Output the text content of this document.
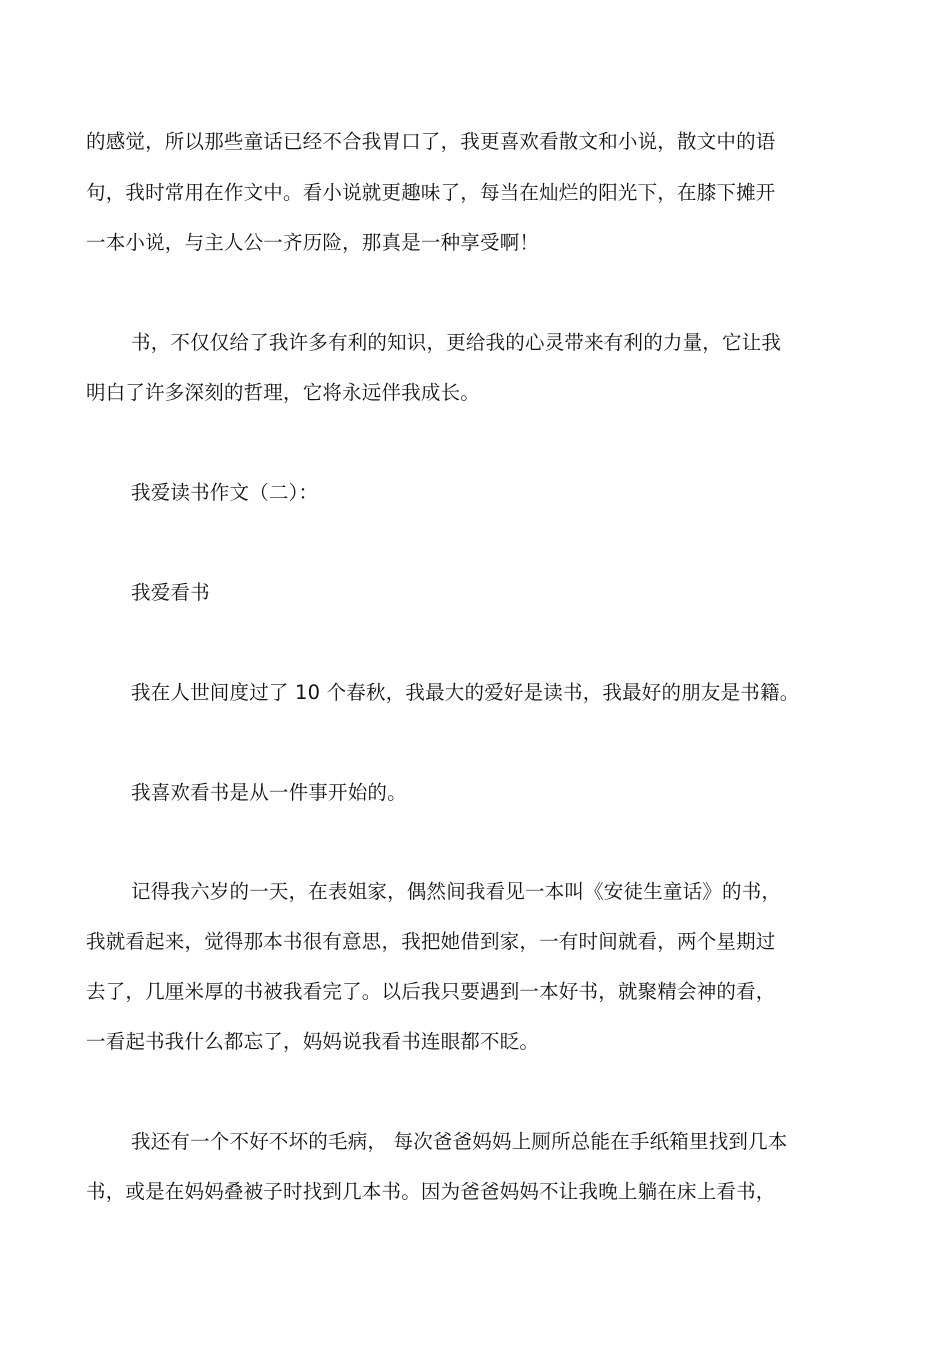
的感觉，所以那些童话已经不合我胃口了，我更喜欢看散文和小说，散文中的语
句，我时常用在作文中。看小说就更趣味了，每当在灿烂的阳光下，在膝下摊开
一本小说，与主人公一齐历险，那真是一种享受啊！
书，不仅仅给了我许多有利的知识，更给我的心灵带来有利的力量，它让我
明白了许多深刻的哲理，它将永远伴我成长。
我爱读书作文（二）：
我爱看书
我在人世间度过了 10 个春秋，我最大的爱好是读书，我最好的朋友是书籍。
我喜欢看书是从一件事开始的。
记得我六岁的一天，在表姐家，偶然间我看见一本叫《安徒生童话》的书，
我就看起来，觉得那本书很有意思，我把她借到家，一有时间就看，两个星期过
去了，几厘米厚的书被我看完了。以后我只要遇到一本好书，就聚精会神的看，
一看起书我什么都忘了，妈妈说我看书连眼都不眨。
我还有一个不好不坏的毛病， 每次爸爸妈妈上厕所总能在手纸箱里找到几本
书，或是在妈妈叠被子时找到几本书。因为爸爸妈妈不让我晚上躺在床上看书，
